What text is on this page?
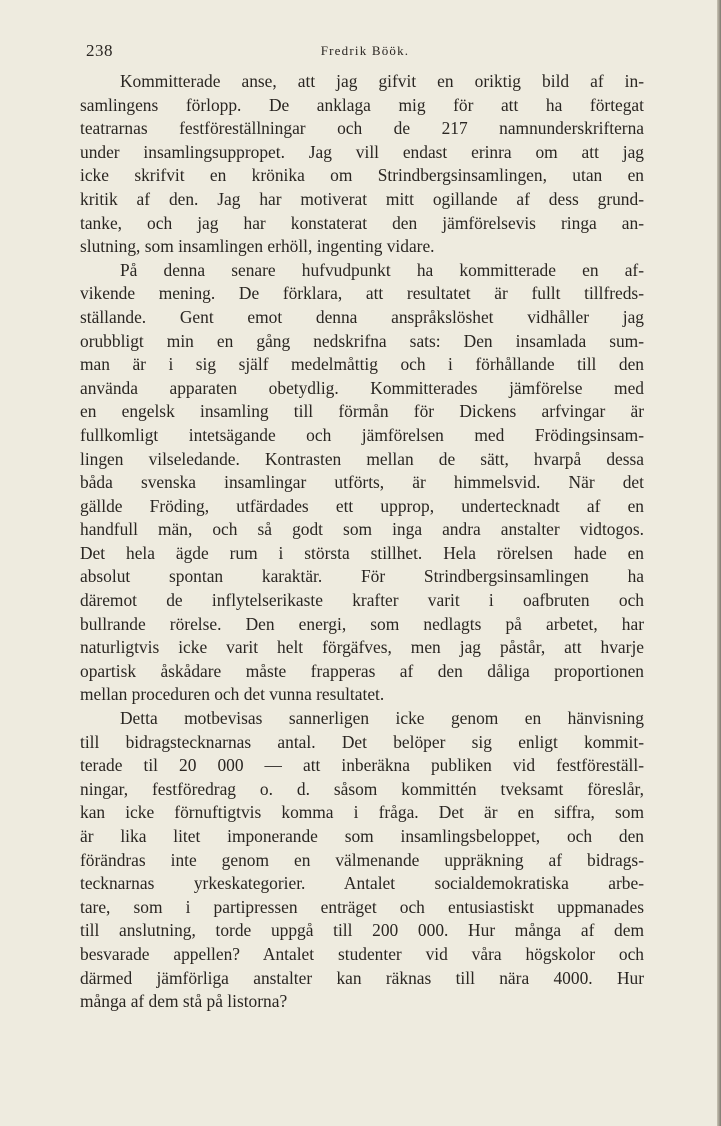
238	Fredrik Böök.
Kommitterade anse, att jag gifvit en oriktig bild af in-
samlingens förlopp. De anklaga mig för att ha förtegat
teatrarnas festföreställningar och de 217 namnunderskrifterna
under insamlingsuppropet. Jag vill endast erinra om att jag
icke skrifvit en krönika om Strindbergsinsamlingen, utan en
kritik af den. Jag har motiverat mitt ogillande af dess grund-
tanke, och jag har konstaterat den jämförelsevis ringa an-
slutning, som insamlingen erhöll, ingenting vidare.
På denna senare hufvudpunkt ha kommitterade en af-
vikende mening. De förklara, att resultatet är fullt tillfreds-
ställande. Gent emot denna anspråkslöshet vidhåller jag
orubbligt min en gång nedskrifna sats: Den insamlada sum-
man är i sig själf medelmåttig och i förhållande till den
använda apparaten obetydlig. Kommitterades jämförelse med
en engelsk insamling till förmån för Dickens arfvingar är
fullkomligt intetsägande och jämförelsen med Frödingsinsam-
lingen vilseledande. Kontrasten mellan de sätt, hvarpå dessa
båda svenska insamlingar utförts, är himmelsvid. När det
gällde Fröding, utfärdades ett upprop, undertecknadt af en
handfull män, och så godt som inga andra anstalter vidtogos.
Det hela ägde rum i största stillhet. Hela rörelsen hade en
absolut spontan karaktär. För Strindbergsinsamlingen ha
däremot de inflytelserikaste krafter varit i oafbruten och
bullrande rörelse. Den energi, som nedlagts på arbetet, har
naturligtvis icke varit helt förgäfves, men jag påstår, att hvarje
opartisk åskådare måste frapperas af den dåliga proportionen
mellan proceduren och det vunna resultatet.
Detta motbevisas sannerligen icke genom en hänvisning
till bidragstecknarnas antal. Det belöper sig enligt kommit-
terade til 20 000 — att inberäkna publiken vid festföreställ-
ningar, festföredrag o. d. såsom kommittén tveksamt föreslår,
kan icke förnuftigtvis komma i fråga. Det är en siffra, som
är lika litet imponerande som insamlingsbeloppet, och den
förändras inte genom en välmenande uppräkning af bidrags-
tecknarnas yrkeskategorier. Antalet socialdemokratiska arbe-
tare, som i partipressen enträget och entusiastiskt uppmanades
till anslutning, torde uppgå till 200 000. Hur många af dem
besvarade appellen? Antalet studenter vid våra högskolor och
därmed jämförliga anstalter kan räknas till nära 4000. Hur
många af dem stå på listorna?
